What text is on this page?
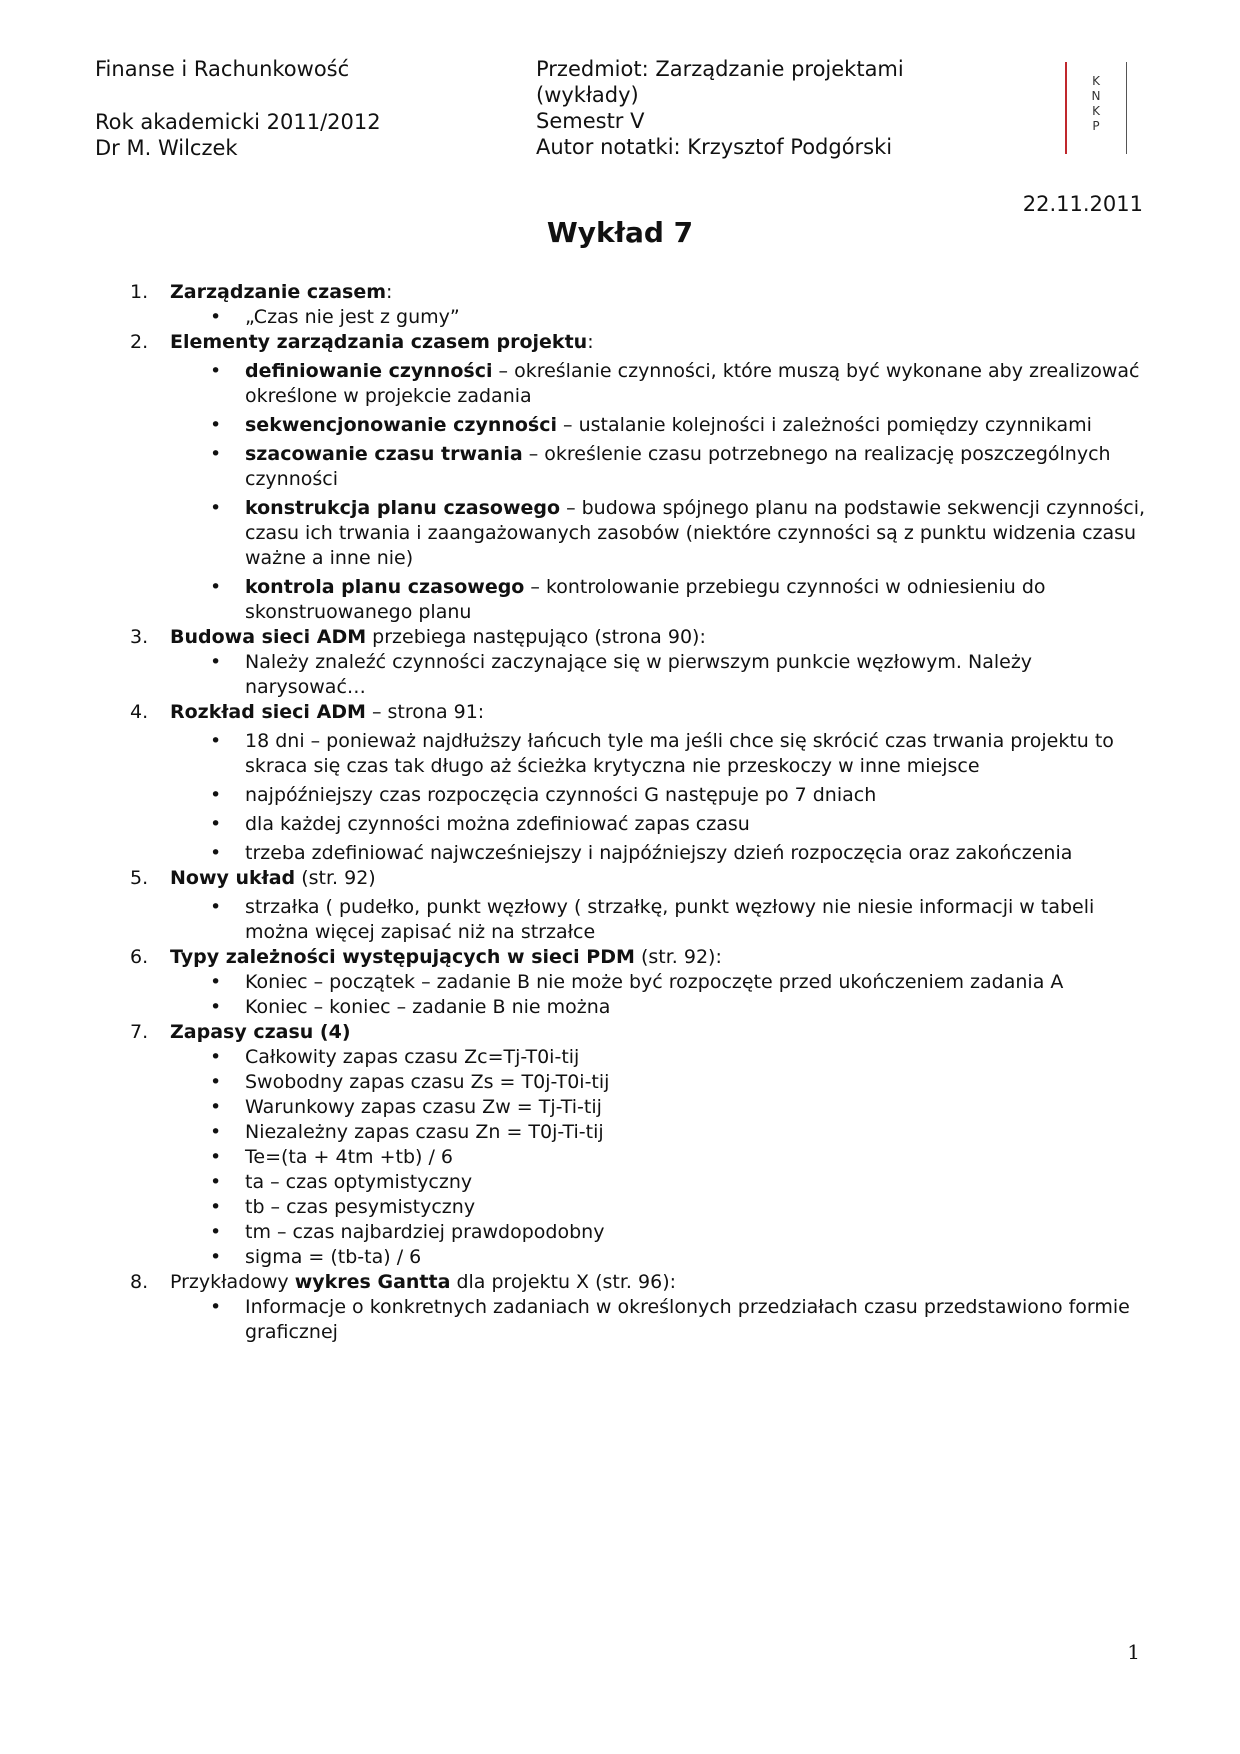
Finanse i Rachunkowość
Rok akademicki 2011/2012
Dr M. Wilczek
Przedmiot: Zarządzanie projektami
(wykłady)
Semestr V
Autor notatki: Krzysztof Podgórski
K
N
K
P
22.11.2011
Wykład 7
1. Zarządzanie czasem:
• „Czas nie jest z gumy”
2. Elementy zarządzania czasem projektu:
• definiowanie czynności – określanie czynności, które muszą być wykonane aby zrealizować określone w projekcie zadania
• sekwencjonowanie czynności – ustalanie kolejności i zależności pomiędzy czynnikami
• szacowanie czasu trwania – określenie czasu potrzebnego na realizację poszczególnych czynności
• konstrukcja planu czasowego – budowa spójnego planu na podstawie sekwencji czynności, czasu ich trwania i zaangażowanych zasobów (niektóre czynności są z punktu widzenia czasu ważne a inne nie)
• kontrola planu czasowego – kontrolowanie przebiegu czynności w odniesieniu do skonstruowanego planu
3. Budowa sieci ADM przebiega następująco (strona 90):
• Należy znaleźć czynności zaczynające się w pierwszym punkcie węzłowym. Należy narysować…
4. Rozkład sieci ADM – strona 91:
• 18 dni – ponieważ najdłuższy łańcuch tyle ma jeśli chce się skrócić czas trwania projektu to skraca się czas tak długo aż ścieżka krytyczna nie przeskoczy w inne miejsce
• najpóźniejszy czas rozpoczęcia czynności G następuje po 7 dniach
• dla każdej czynności można zdefiniować zapas czasu
• trzeba zdefiniować najwcześniejszy i najpóźniejszy dzień rozpoczęcia oraz zakończenia
5. Nowy układ (str. 92)
• strzałka ( pudełko, punkt węzłowy ( strzałkę, punkt węzłowy nie niesie informacji w tabeli można więcej zapisać niż na strzałce
6. Typy zależności występujących w sieci PDM (str. 92):
• Koniec – początek – zadanie B nie może być rozpoczęte przed ukończeniem zadania A
• Koniec – koniec – zadanie B nie można
7. Zapasy czasu (4)
• Całkowity zapas czasu Zc=Tj-T0i-tij
• Swobodny zapas czasu Zs = T0j-T0i-tij
• Warunkowy zapas czasu Zw = Tj-Ti-tij
• Niezależny zapas czasu Zn = T0j-Ti-tij
• Te=(ta + 4tm +tb) / 6
• ta – czas optymistyczny
• tb – czas pesymistyczny
• tm – czas najbardziej prawdopodobny
• sigma = (tb-ta) / 6
8. Przykładowy wykres Gantta dla projektu X (str. 96):
• Informacje o konkretnych zadaniach w określonych przedziałach czasu przedstawiono formie graficznej
1
